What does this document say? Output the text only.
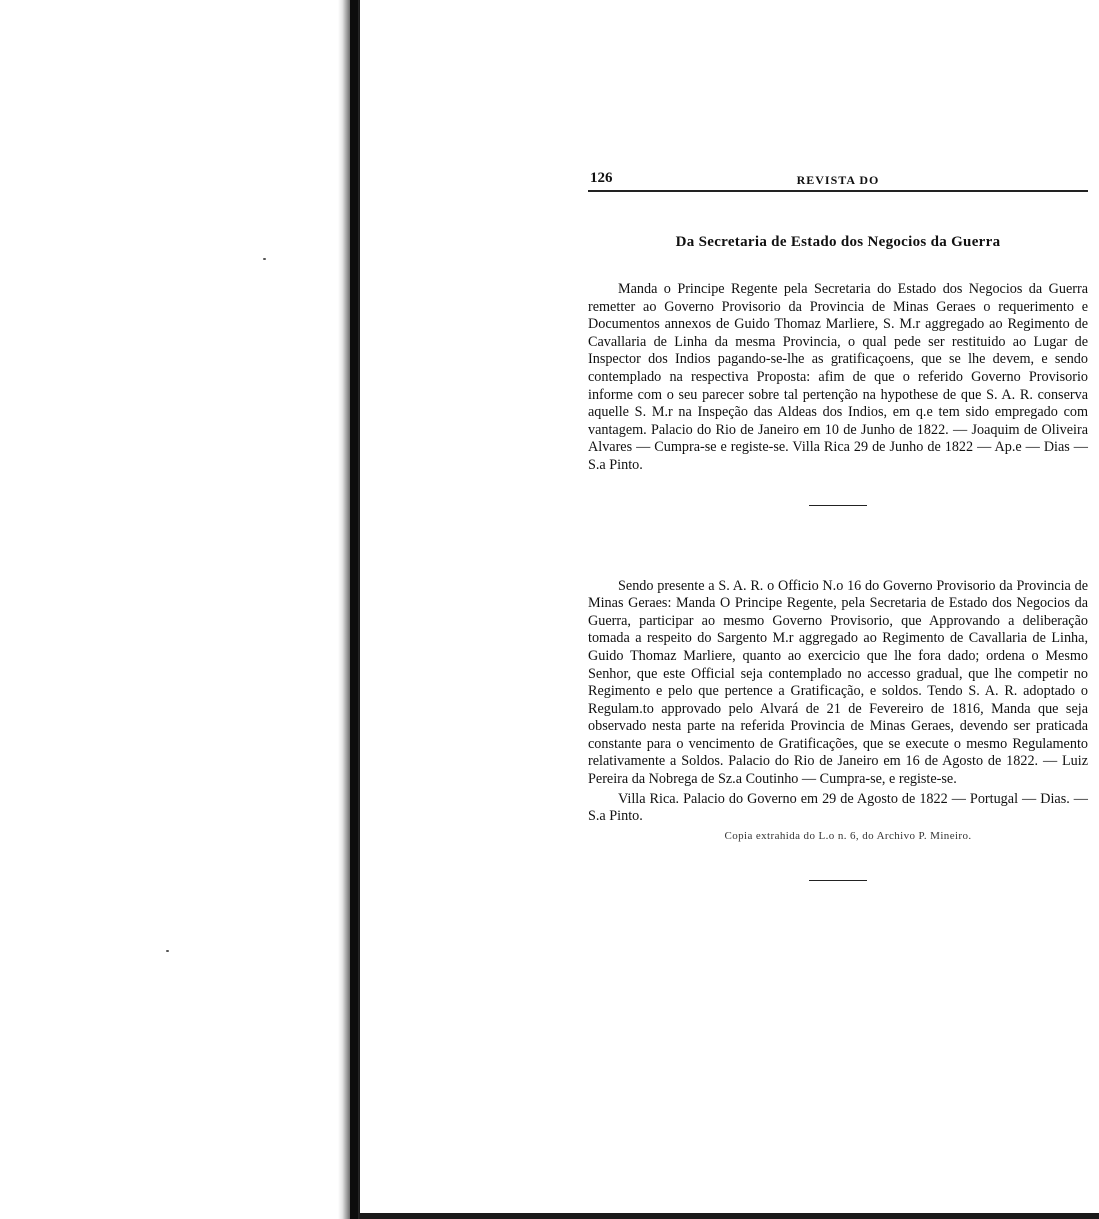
126	REVISTA DO
Da Secretaria de Estado dos Negocios da Guerra

Manda o Principe Regente pela Secretaria do Estado dos Negocios da Guerra remetter ao Governo Provisorio da Provincia de Minas Geraes o requerimento e Documentos annexos de Guido Thomaz Marliere, S. M.r aggregado ao Regimento de Cavallaria de Linha da mesma Provincia, o qual pede ser restituido ao Lugar de Inspector dos Indios pagando-se-lhe as gratificaçoens, que se lhe devem, e sendo contemplado na respectiva Proposta: afim de que o referido Governo Provisorio informe com o seu parecer sobre tal pertenção na hypothese de que S. A. R. conserva aquelle S. M.r na Inspeção das Aldeas dos Indios, em q.e tem sido empregado com vantagem. Palacio do Rio de Janeiro em 10 de Junho de 1822. — Joaquim de Oliveira Alvares — Cumpra-se e registe-se. Villa Rica 29 de Junho de 1822 — Ap.e — Dias — S.a Pinto.

Sendo presente a S. A. R. o Officio N.o 16 do Governo Provisorio da Provincia de Minas Geraes: Manda O Principe Regente, pela Secretaria de Estado dos Negocios da Guerra, participar ao mesmo Governo Provisorio, que Approvando a deliberação tomada a respeito do Sargento M.r aggregado ao Regimento de Cavallaria de Linha, Guido Thomaz Marliere, quanto ao exercicio que lhe fora dado; ordena o Mesmo Senhor, que este Official seja contemplado no accesso gradual, que lhe competir no Regimento e pelo que pertence a Gratificação, e soldos. Tendo S. A. R. adoptado o Regulam.to approvado pelo Alvará de 21 de Fevereiro de 1816, Manda que seja observado nesta parte na referida Provincia de Minas Geraes, devendo ser praticada constante para o vencimento de Gratificações, que se execute o mesmo Regulamento relativamente a Soldos. Palacio do Rio de Janeiro em 16 de Agosto de 1822. — Luiz Pereira da Nobrega de Sz.a Coutinho — Cumpra-se, e registe-se.

Villa Rica. Palacio do Governo em 29 de Agosto de 1822 — Portugal — Dias. — S.a Pinto.

Copia extrahida do L.o n. 6, do Archivo P. Mineiro.
